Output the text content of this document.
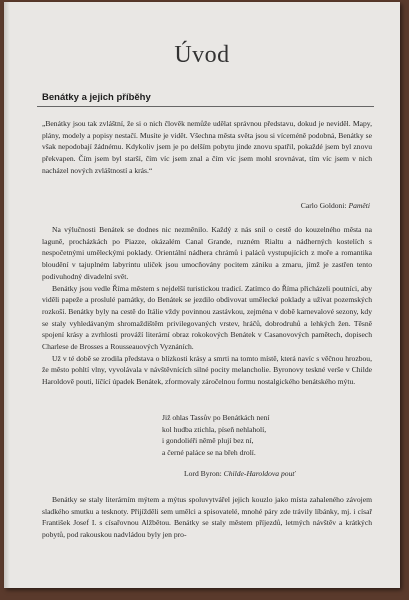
Úvod
Benátky a jejich příběhy

„Benátky jsou tak zvláštní, že si o nich člověk nemůže udělat správnou představu, dokud je neviděl. Mapy, plány, modely a popisy nestačí. Musíte je vidět. Všechna města světa jsou si víceméně podobná, Benátky se však nepodobají žádnému. Kdykoliv jsem je po delším pobytu jinde znovu spatřil, pokaždé jsem byl znovu překvapen. Čím jsem byl starší, čím víc jsem znal a čím víc jsem mohl srovnávat, tím víc jsem v nich nacházel nových zvláštností a krás.“

Carlo Goldoni: Paměti

Na výlučnosti Benátek se dodnes nic nezměnilo. Každý z nás snil o cestě do kouzelného města na laguně, procházkách po Piazze, okázalém Canal Grande, ruzném Rialtu a nádherných kostelích s nespočetnými uměleckými poklady. Orientální nádhera chrámů i paláců vystupujících z moře a romantika bloudění v tajuplném labyrintu uliček jsou umocňovány pocitem zániku a zmaru, jímž je zastřen tento podivuhodný divadelní svět.

Benátky jsou vedle Říma městem s nejdelší turistickou tradicí. Zatímco do Říma přicházeli poutníci, aby viděli papeže a proslulé památky, do Benátek se jezdilo obdivovat umělecké poklady a užívat pozemských rozkoší. Benátky byly na cestě do Itálie vždy povinnou zastávkou, zejména v době karnevalové sezony, kdy se staly vyhledávaným shromaždištěm privilegovaných vrstev, hráčů, dobrodruhů a lehkých žen. Těsně spojení krásy a zvrhlosti prováží literární obraz rokokových Benátek v Casanovových pamětech, dopisech Charlese de Brosses a Rousseauových Vyznáních.

Už v té době se zrodila představa o blízkosti krásy a smrti na tomto místě, která navíc s věčnou hrozbou, že město pohltí vlny, vyvolávala v návštěvnících silné pocity melancholie. Byronovy teskné verše v Childe Haroldově pouti, líčící úpadek Benátek, zformovaly záročelnou formu nostalgického benátského mýtu.

Již ohlas Tassův po Benátkách není
kol hudba ztichla, píseň nehlaholí,
i gondoliéři němě plují bez ní,
a černé paláce se na břeh drolí.
Lord Byron: Childe-Haroldova pouť

Benátky se staly literárním mýtem a mýtus spoluvytvářel jejich kouzlo jako místa zahaleného závojem sladkého smutku a tesknoty. Přijížděli sem umělci a spisovatelé, mnohé páry zde trávily líbánky, mj. i císař František Josef I. s císařovnou Alžbětou. Benátky se staly městem příjezdů, letmých návštěv a krátkých pobytů, pod rakouskou nadvládou byly jen pro-
